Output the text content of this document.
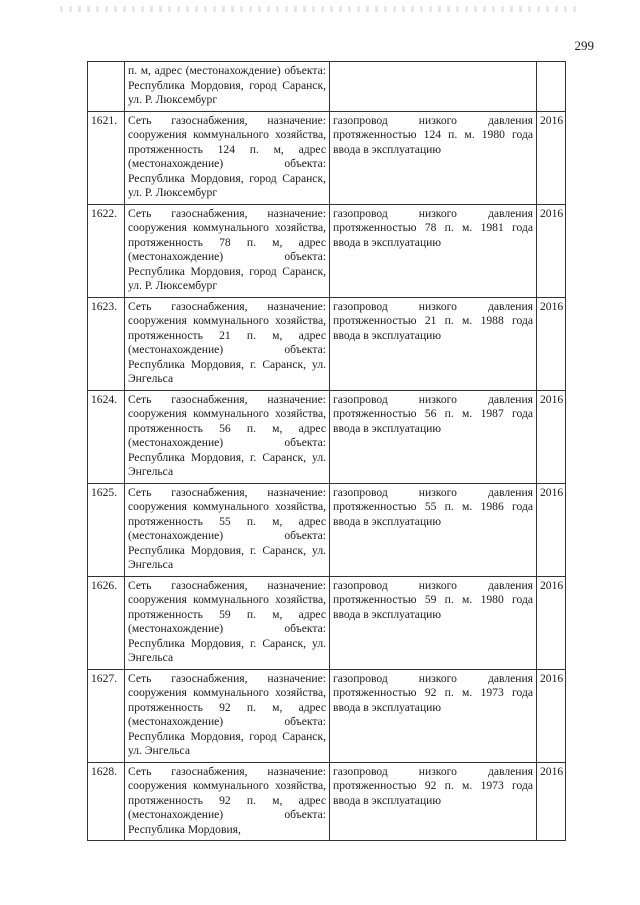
299
	п. м, адрес (местонахождение) объекта: Республика Мордовия, город Саранск, ул. Р. Люксембург		
1621.	Сеть газоснабжения, назначение: сооружения коммунального хозяйства, протяженность 124 п. м, адрес (местонахождение) объекта: Республика Мордовия, город Саранск, ул. Р. Люксембург	газопровод низкого давления протяженностью 124 п. м. 1980 года ввода в эксплуатацию	2016
1622.	Сеть газоснабжения, назначение: сооружения коммунального хозяйства, протяженность 78 п. м, адрес (местонахождение) объекта: Республика Мордовия, город Саранск, ул. Р. Люксембург	газопровод низкого давления протяженностью 78 п. м. 1981 года ввода в эксплуатацию	2016
1623.	Сеть газоснабжения, назначение: сооружения коммунального хозяйства, протяженность 21 п. м, адрес (местонахождение) объекта: Республика Мордовия, г. Саранск, ул. Энгельса	газопровод низкого давления протяженностью 21 п. м. 1988 года ввода в эксплуатацию	2016
1624.	Сеть газоснабжения, назначение: сооружения коммунального хозяйства, протяженность 56 п. м, адрес (местонахождение) объекта: Республика Мордовия, г. Саранск, ул. Энгельса	газопровод низкого давления протяженностью 56 п. м. 1987 года ввода в эксплуатацию	2016
1625.	Сеть газоснабжения, назначение: сооружения коммунального хозяйства, протяженность 55 п. м, адрес (местонахождение) объекта: Республика Мордовия, г. Саранск, ул. Энгельса	газопровод низкого давления протяженностью 55 п. м. 1986 года ввода в эксплуатацию	2016
1626.	Сеть газоснабжения, назначение: сооружения коммунального хозяйства, протяженность 59 п. м, адрес (местонахождение) объекта: Республика Мордовия, г. Саранск, ул. Энгельса	газопровод низкого давления протяженностью 59 п. м. 1980 года ввода в эксплуатацию	2016
1627.	Сеть газоснабжения, назначение: сооружения коммунального хозяйства, протяженность 92 п. м, адрес (местонахождение) объекта: Республика Мордовия, город Саранск, ул. Энгельса	газопровод низкого давления протяженностью 92 п. м. 1973 года ввода в эксплуатацию	2016
1628.	Сеть газоснабжения, назначение: сооружения коммунального хозяйства, протяженность 92 п. м, адрес (местонахождение) объекта: Республика Мордовия,	газопровод низкого давления протяженностью 92 п. м. 1973 года ввода в эксплуатацию	2016
